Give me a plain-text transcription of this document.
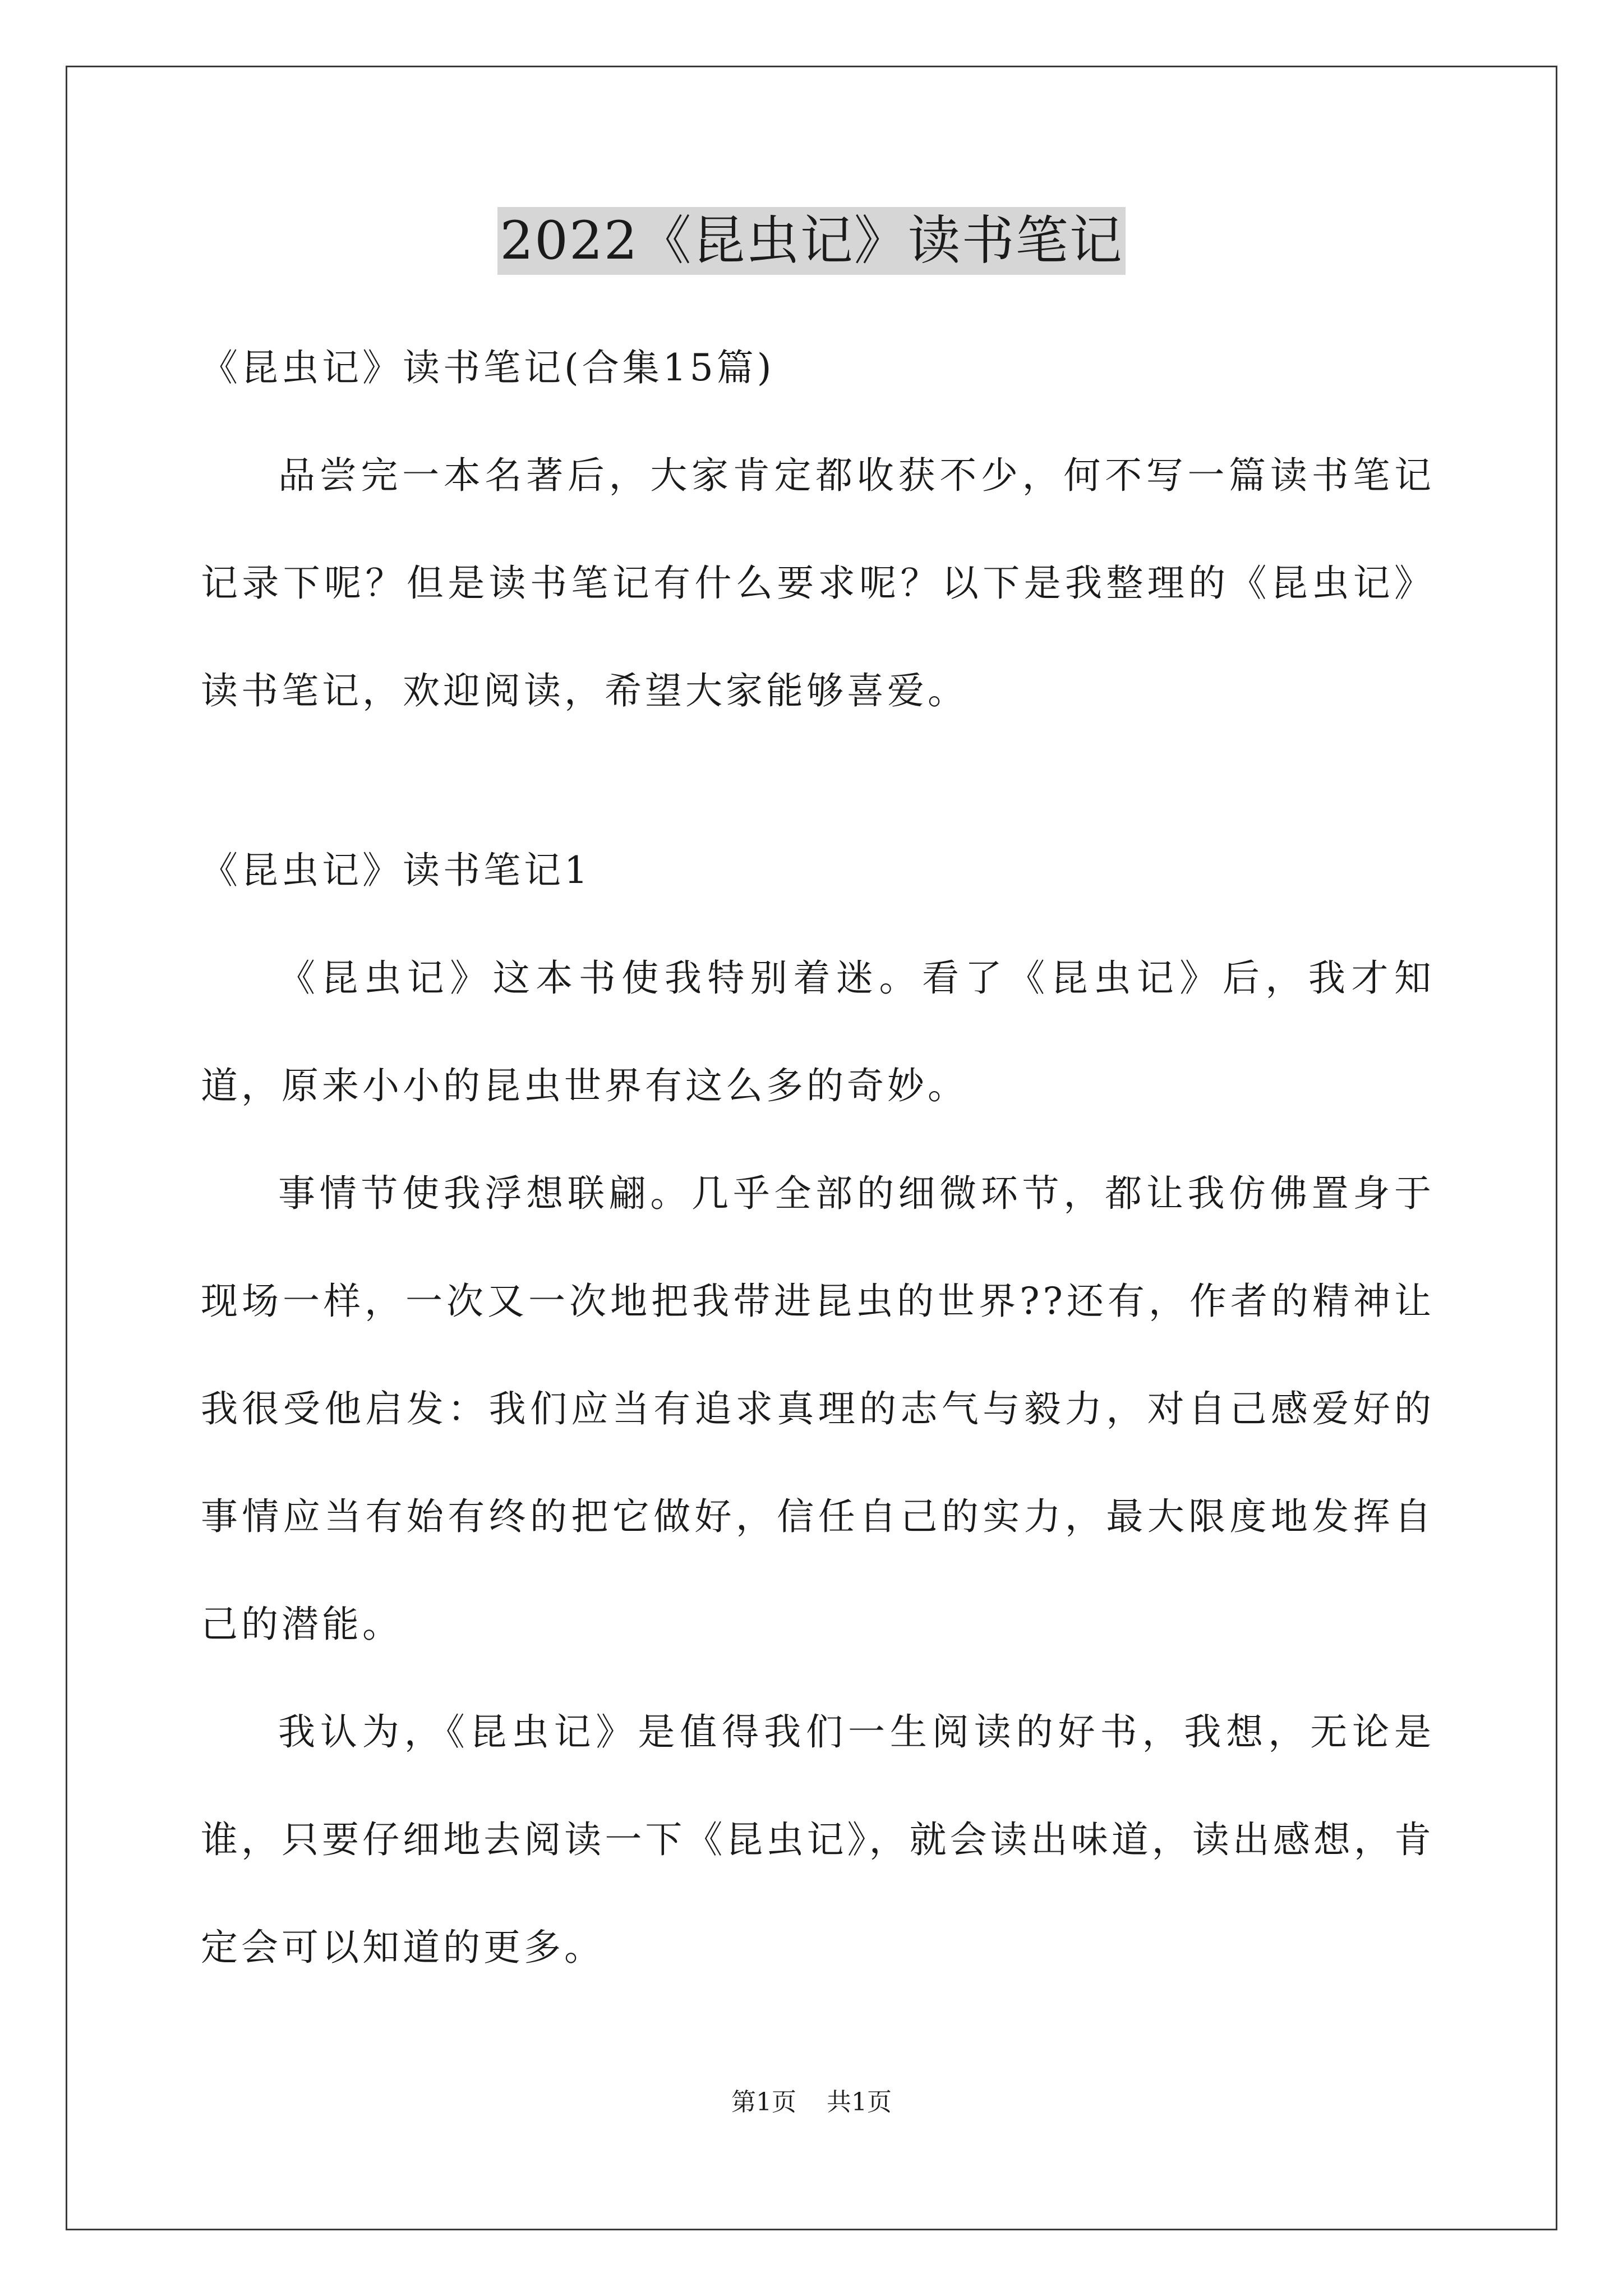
2022《昆虫记》读书笔记

《昆虫记》读书笔记(合集15篇)

品尝完一本名著后，大家肯定都收获不少，何不写一篇读书笔记记录下呢？但是读书笔记有什么要求呢？以下是我整理的《昆虫记》读书笔记，欢迎阅读，希望大家能够喜爱。

《昆虫记》读书笔记1

《昆虫记》这本书使我特别着迷。看了《昆虫记》后，我才知道，原来小小的昆虫世界有这么多的奇妙。

事情节使我浮想联翩。几乎全部的细微环节，都让我仿佛置身于现场一样，一次又一次地把我带进昆虫的世界??还有，作者的精神让我很受他启发：我们应当有追求真理的志气与毅力，对自己感爱好的事情应当有始有终的把它做好，信任自己的实力，最大限度地发挥自己的潜能。

我认为，《昆虫记》是值得我们一生阅读的好书，我想，无论是谁，只要仔细地去阅读一下《昆虫记》，就会读出味道，读出感想，肯定会可以知道的更多。

第1页 共1页
